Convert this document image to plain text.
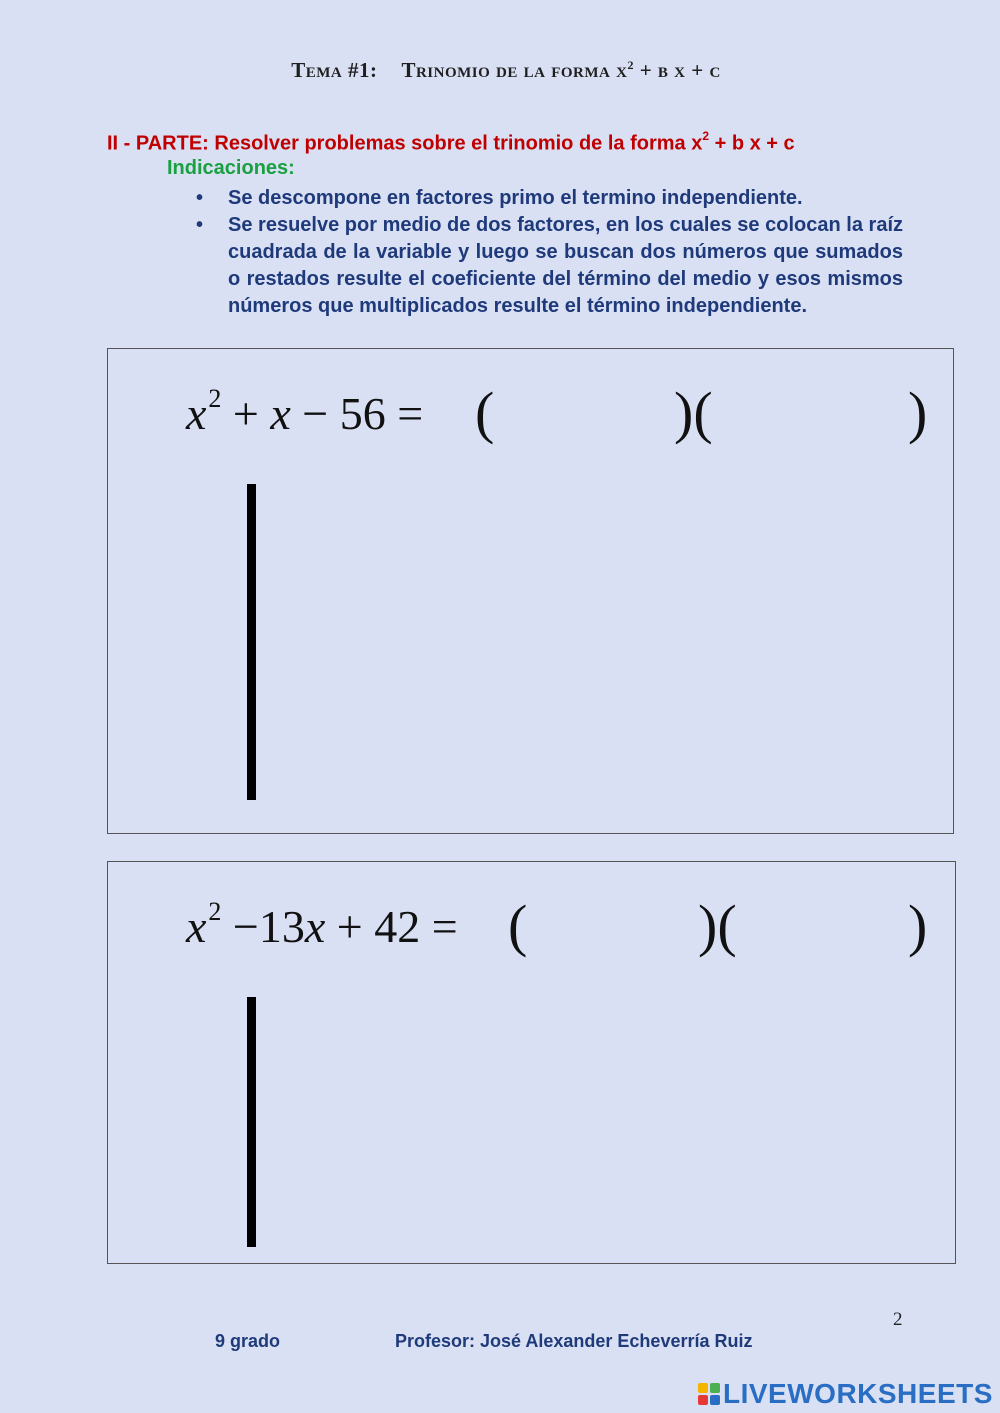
Tema #1: Trinomio de la forma $x^2 + b$ x + c
II - PARTE: Resolver problemas sobre el trinomio de la forma $x^2 + b$ x + c
Indicaciones:
• Se descompone en factores primo el termino independiente.
• Se resuelve por medio de dos factores, en los cuales se colocan la raíz cuadrada de la variable y luego se buscan dos números que sumados o restados resulte el coeficiente del término del medio y esos mismos números que multiplicados resulte el término independiente.
$x^2 + x - 56$ = (	)(	)
$x^2 -13x + 42$ = (	)(	)
2
9 grado	Profesor: José Alexander Echeverría Ruiz
LIVEWORKSHEETS
